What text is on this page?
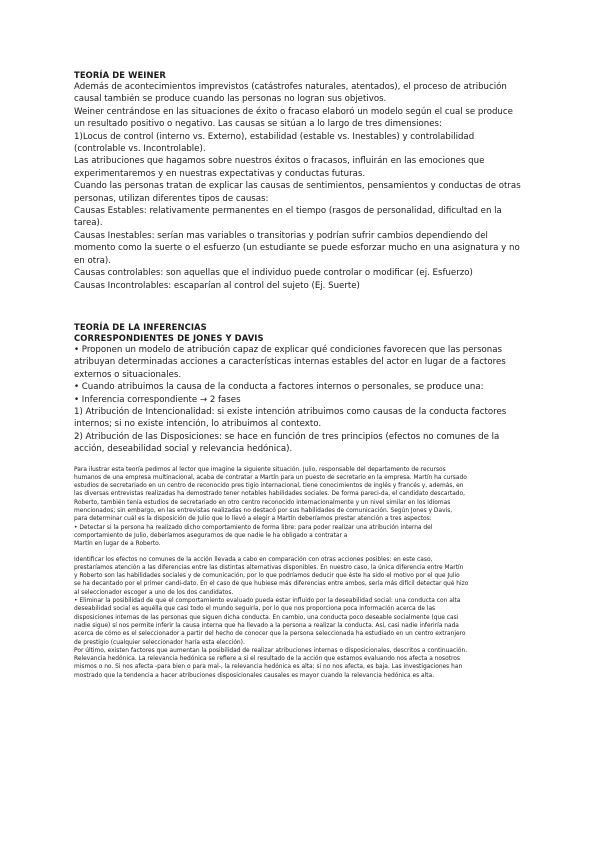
TEORÍA DE WEINER

Además de acontecimientos imprevistos (catástrofes naturales, atentados), el proceso de atribución

causal también se produce cuando las personas no logran sus objetivos.

Weiner centrándose en las situaciones de éxito o fracaso elaboró un modelo según el cual se produce

un resultado positivo o negativo. Las causas se sitúan a lo largo de tres dimensiones:

1)Locus de control (interno vs. Externo), estabilidad (estable vs. Inestables) y controlabilidad

(controlable vs. Incontrolable).

Las atribuciones que hagamos sobre nuestros éxitos o fracasos, influirán en las emociones que

experimentaremos y en nuestras expectativas y conductas futuras.

Cuando las personas tratan de explicar las causas de sentimientos, pensamientos y conductas de otras

personas, utilizan diferentes tipos de causas:

Causas Estables: relativamente permanentes en el tiempo (rasgos de personalidad, dificultad en la

tarea).

Causas Inestables: serían mas variables o transitorias y podrían sufrir cambios dependiendo del

momento como la suerte o el esfuerzo (un estudiante se puede esforzar mucho en una asignatura y no

en otra).

Causas controlables: son aquellas que el individuo puede controlar o modificar (ej. Esfuerzo)

Causas Incontrolables: escaparían al control del sujeto (Ej. Suerte)

TEORÍA DE LA INFERENCIAS
CORRESPONDIENTES DE JONES Y DAVIS

• Proponen un modelo de atribución capaz de explicar qué condiciones favorecen que las personas

atribuyan determinadas acciones a características internas estables del actor en lugar de a factores

externos o situacionales.

• Cuando atribuimos la causa de la conducta a factores internos o personales, se produce una:

• Inferencia correspondiente → 2 fases

1) Atribución de Intencionalidad: si existe intención atribuimos como causas de la conducta factores

internos; si no existe intención, lo atribuimos al contexto.

2) Atribución de las Disposiciones: se hace en función de tres principios (efectos no comunes de la

acción, deseabilidad social y relevancia hedónica).

Para ilustrar esta teoría pedimos al lector que imagine la siguiente situación. Julio, responsable del departamento de recursos

humanos de una empresa multinacional, acaba de contratar a Martín para un puesto de secretario en la empresa. Martín ha cursado

estudios de secretariado en un centro de reconocido pres tigio internacional, tiene conocimientos de inglés y francés y, además, en

las diversas entrevistas realizadas ha demostrado tener notables habilidades sociales. De forma pareci-da, el candidato descartado,

Roberto, también tenía estudios de secretariado en otro centro reconocido internacionalmente y un nivel similar en los idiomas

mencionados; sin embargo, en las entrevistas realizadas no destacó por sus habilidades de comunicación. Según Jones y Davis,

para determinar cuál es la disposición de Julio que lo llevó a elegir a Martín deberíamos prestar atención a tres aspectos:

• Detectar si la persona ha realizado dicho comportamiento de forma libre: para poder realizar una atribución interna del

comportamiento de Julio, deberíamos asegurarnos de que nadie le ha obligado a contratar a

Martín en lugar de a Roberto.

Identificar los efectos no comunes de la acción llevada a cabo en comparación con otras acciones posibles: en este caso,

prestaríamos atención a las diferencias entre las distintas alternativas disponibles. En nuestro caso, la única diferencia entre Martín

y Roberto son las habilidades sociales y de comunicación, por lo que podríamos deducir que éste ha sido el motivo por el que Julio

se ha decantado por el primer candi-dato. En el caso de que hubiese más diferencias entre ambos, sería más difícil detectar qué hizo

al seleccionador escoger a uno de los dos candidatos.

• Eliminar la posibilidad de que el comportamiento evaluado pueda estar influido por la deseabilidad social: una conducta con alta

deseabilidad social es aquélla que casi todo el mundo seguiría, por lo que nos proporciona poca información acerca de las

disposiciones internas de las personas que siguen dicha conducta. En cambio, una conducta poco deseable socialmente (que casi

nadie sigue) sí nos permite inferir la causa interna que ha llevado a la persona a realizar la conducta. Así, casi nadie inferiría nada

acerca de cómo es el seleccionador a partir del hecho de conocer que la persona seleccionada ha estudiado en un centro extranjero

de prestigio (cualquier seleccionador haría esta elección).

Por último, existen factores que aumentan la posibilidad de realizar atribuciones internas o disposicionales, descritos a continuación.

Relevancia hedónica. La relevancia hedónica se refiere a si el resultado de la acción que estamos evaluando nos afecta a nosotros

mismos o no. Si nos afecta -para bien o para mal-, la relevancia hedónica es alta; si no nos afecta, es baja. Las investigaciones han

mostrado que la tendencia a hacer atribuciones disposicionales causales es mayor cuando la relevancia hedónica es alta.
